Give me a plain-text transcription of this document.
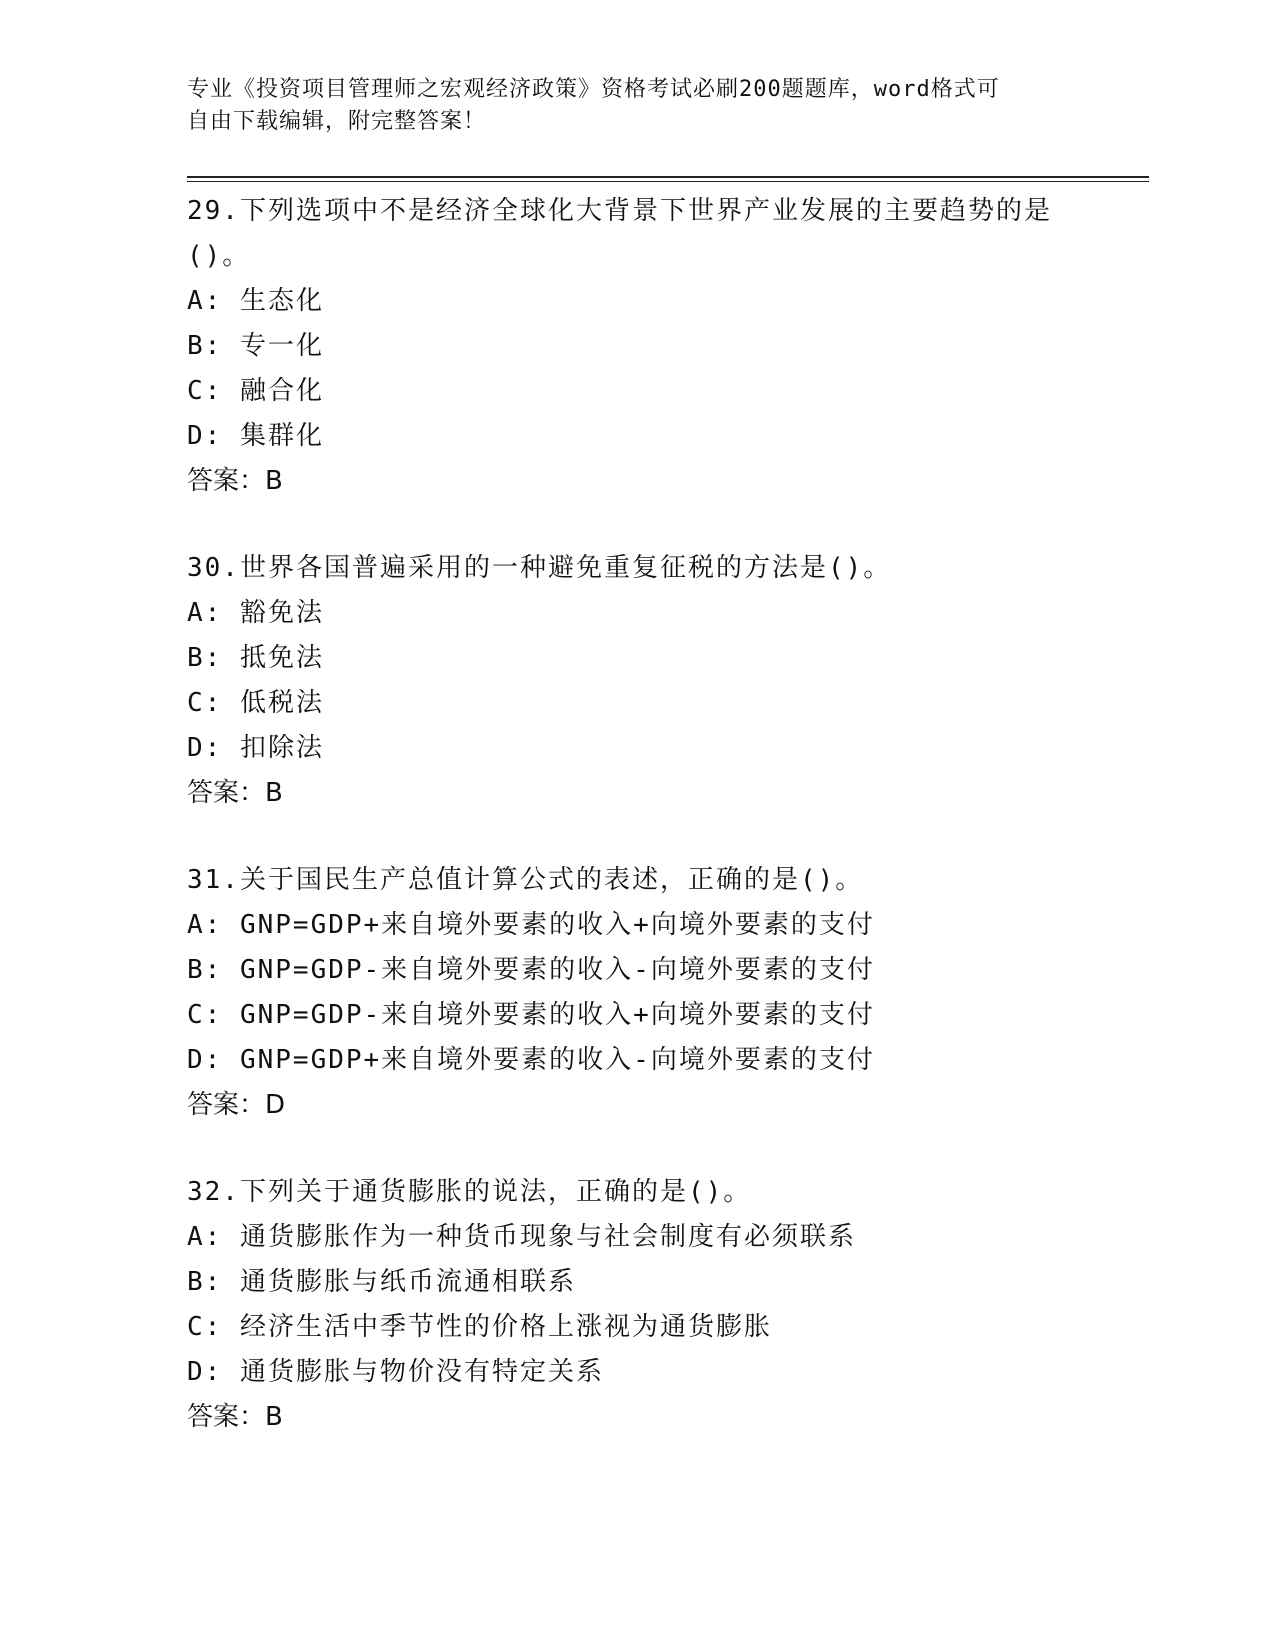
专业《投资项目管理师之宏观经济政策》资格考试必刷200题题库，word格式可
自由下载编辑，附完整答案！

29.下列选项中不是经济全球化大背景下世界产业发展的主要趋势的是()。

A: 生态化

B: 专一化

C: 融合化

D: 集群化

答案：B

30.世界各国普遍采用的一种避免重复征税的方法是()。

A: 豁免法

B: 抵免法

C: 低税法

D: 扣除法

答案：B

31.关于国民生产总值计算公式的表述，正确的是()。

A: GNP=GDP+来自境外要素的收入+向境外要素的支付

B: GNP=GDP-来自境外要素的收入-向境外要素的支付

C: GNP=GDP-来自境外要素的收入+向境外要素的支付

D: GNP=GDP+来自境外要素的收入-向境外要素的支付

答案：D

32.下列关于通货膨胀的说法，正确的是()。

A: 通货膨胀作为一种货币现象与社会制度有必须联系

B: 通货膨胀与纸币流通相联系

C: 经济生活中季节性的价格上涨视为通货膨胀

D: 通货膨胀与物价没有特定关系

答案：B
